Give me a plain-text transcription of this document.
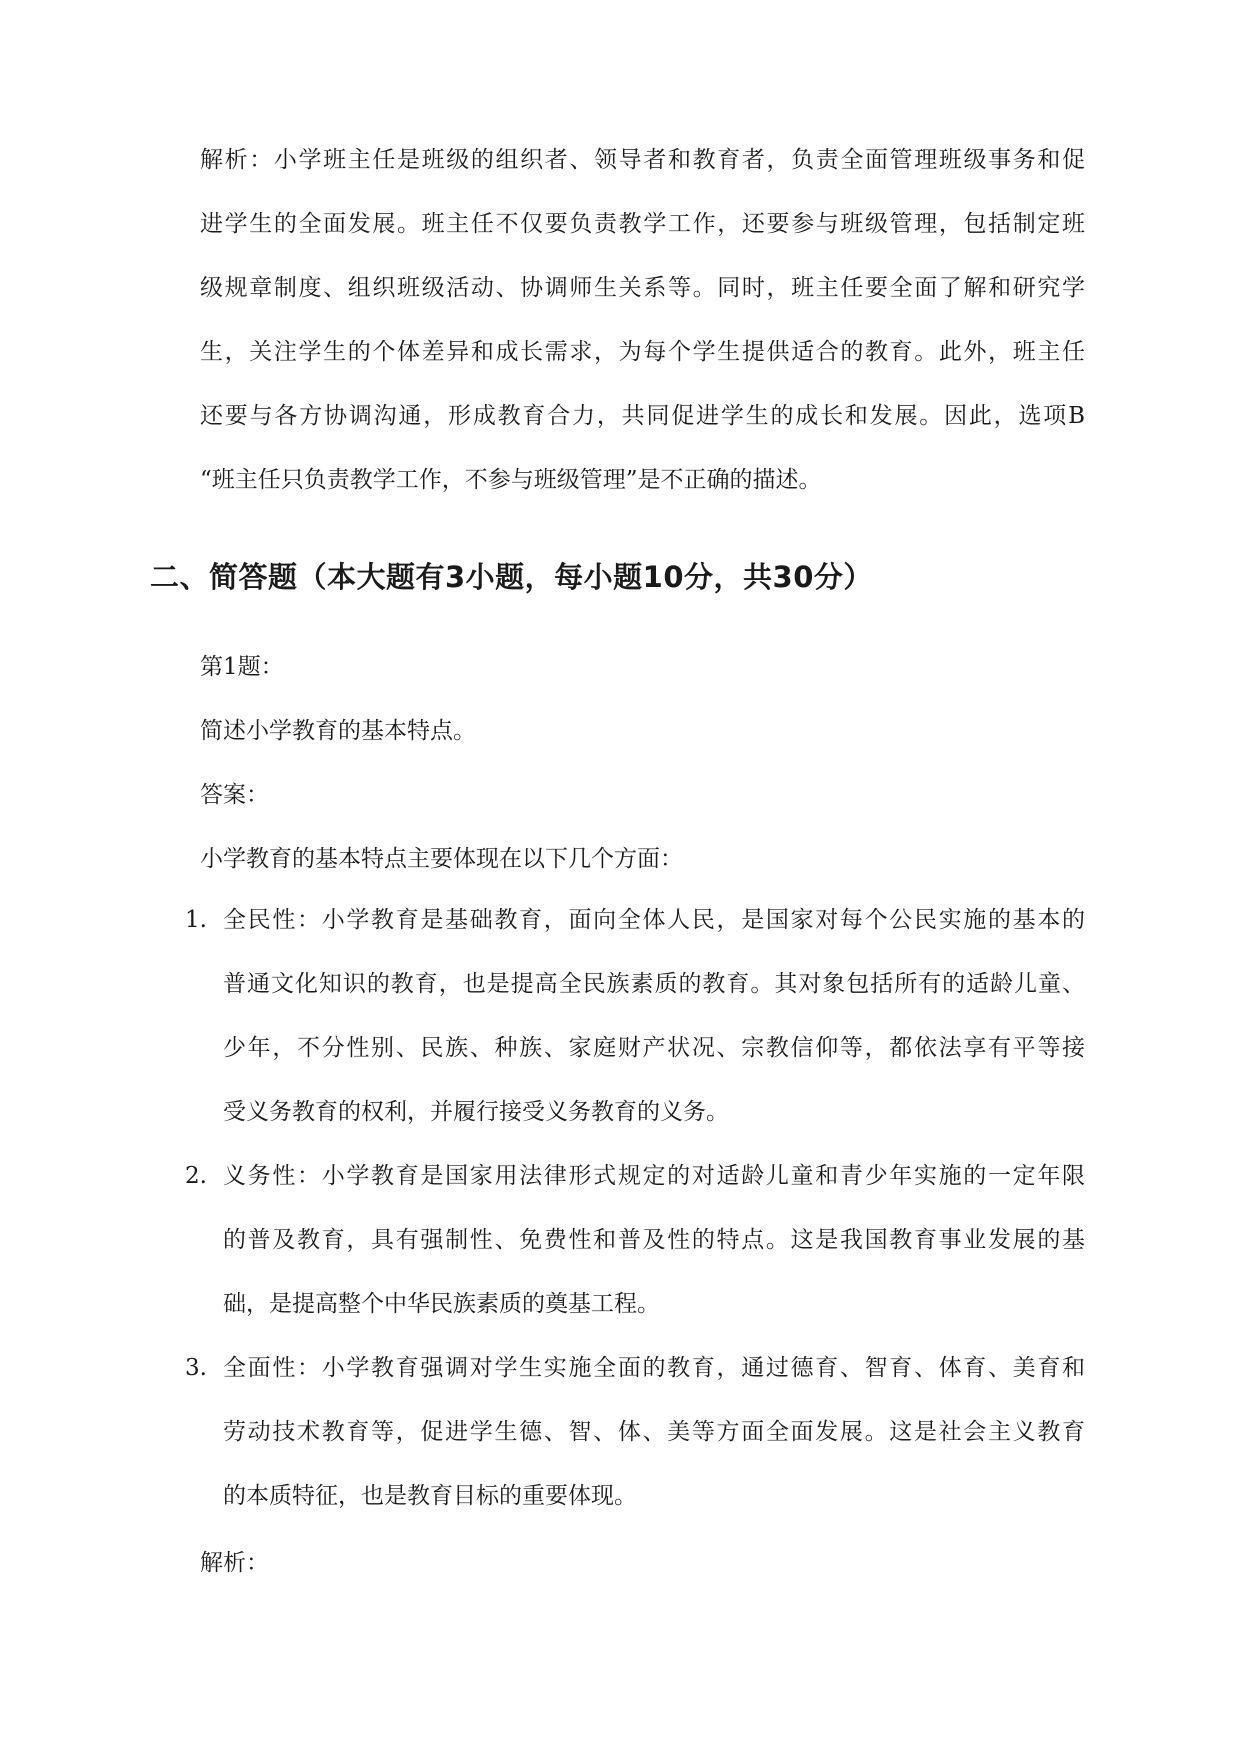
解析：小学班主任是班级的组织者、领导者和教育者，负责全面管理班级事务和促
进学生的全面发展。班主任不仅要负责教学工作，还要参与班级管理，包括制定班
级规章制度、组织班级活动、协调师生关系等。同时，班主任要全面了解和研究学
生，关注学生的个体差异和成长需求，为每个学生提供适合的教育。此外，班主任
还要与各方协调沟通，形成教育合力，共同促进学生的成长和发展。因此，选项B
“班主任只负责教学工作，不参与班级管理”是不正确的描述。
二、简答题（本大题有3小题，每小题10分，共30分）
第1题：
简述小学教育的基本特点。
答案：
小学教育的基本特点主要体现在以下几个方面：
1. 全民性：小学教育是基础教育，面向全体人民，是国家对每个公民实施的基本的
普通文化知识的教育，也是提高全民族素质的教育。其对象包括所有的适龄儿童、
少年，不分性别、民族、种族、家庭财产状况、宗教信仰等，都依法享有平等接
受义务教育的权利，并履行接受义务教育的义务。
2. 义务性：小学教育是国家用法律形式规定的对适龄儿童和青少年实施的一定年限
的普及教育，具有强制性、免费性和普及性的特点。这是我国教育事业发展的基
础，是提高整个中华民族素质的奠基工程。
3. 全面性：小学教育强调对学生实施全面的教育，通过德育、智育、体育、美育和
劳动技术教育等，促进学生德、智、体、美等方面全面发展。这是社会主义教育
的本质特征，也是教育目标的重要体现。
解析：
